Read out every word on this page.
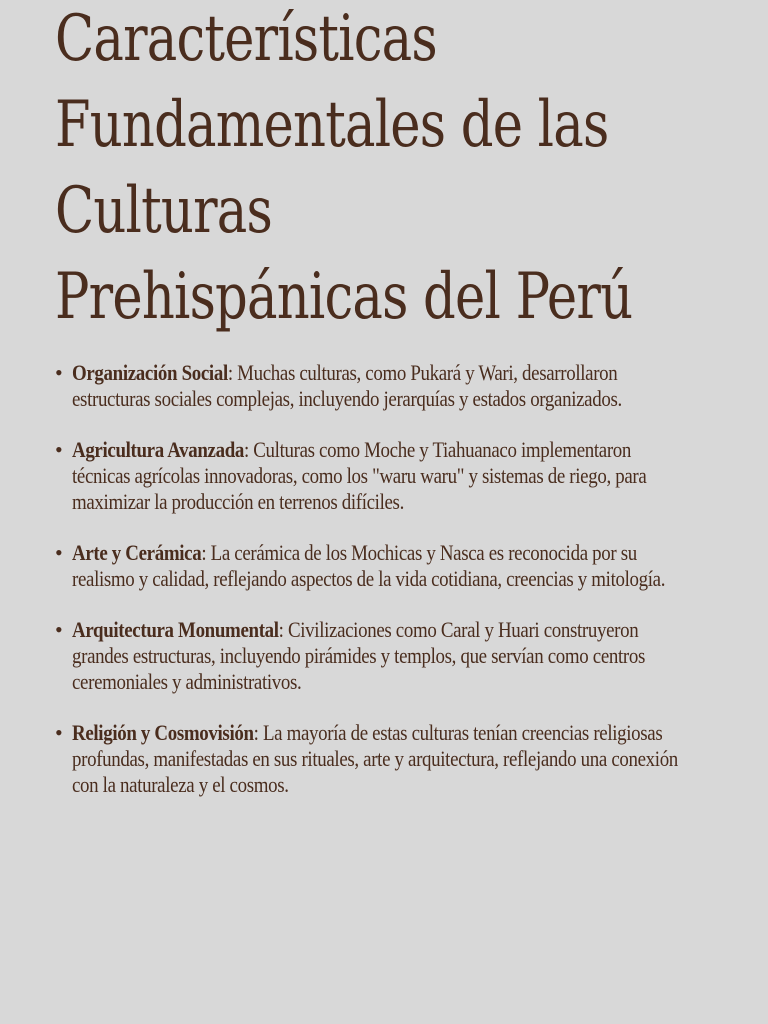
Características
Fundamentales de las
Culturas
Prehispánicas del Perú
• Organización Social: Muchas culturas, como Pukará y Wari, desarrollaron estructuras sociales complejas, incluyendo jerarquías y estados organizados.
• Agricultura Avanzada: Culturas como Moche y Tiahuanaco implementaron técnicas agrícolas innovadoras, como los "waru waru" y sistemas de riego, para maximizar la producción en terrenos difíciles.
• Arte y Cerámica: La cerámica de los Mochicas y Nasca es reconocida por su realismo y calidad, reflejando aspectos de la vida cotidiana, creencias y mitología.
• Arquitectura Monumental: Civilizaciones como Caral y Huari construyeron grandes estructuras, incluyendo pirámides y templos, que servían como centros ceremoniales y administrativos.
• Religión y Cosmovisión: La mayoría de estas culturas tenían creencias religiosas profundas, manifestadas en sus rituales, arte y arquitectura, reflejando una conexión con la naturaleza y el cosmos.
